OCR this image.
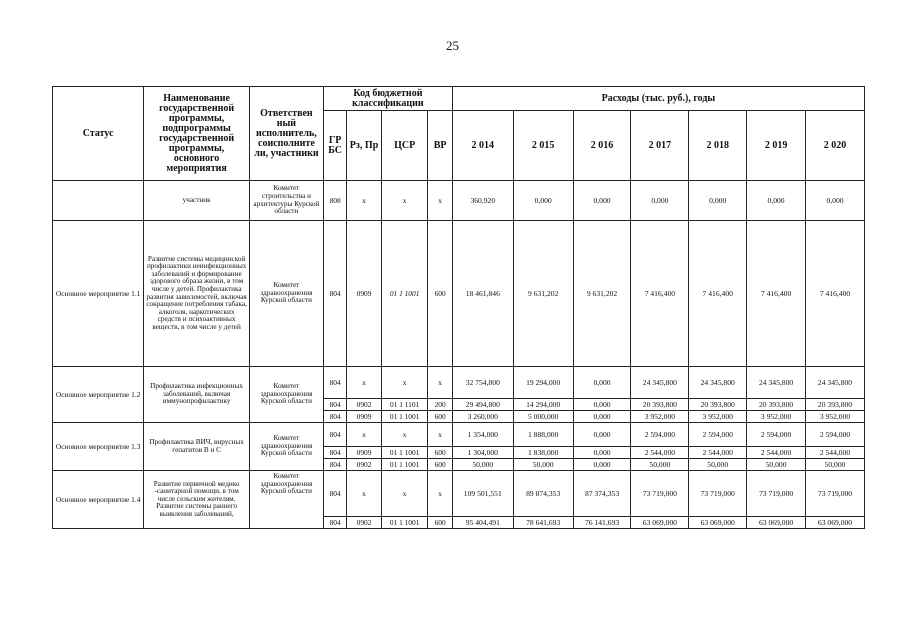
25
Статус	Наименование государственной программы, подпрограммы государственной программы, основного мероприятия	Ответствен ный исполнитель, соисполните ли, участники	Код бюджетной классификации				Расходы (тыс. руб.), годы						
			ГР БС	Рз, Пр	ЦСР	ВР	2 014	2 015	2 016	2 017	2 018	2 019	2 020
	участник	Комитет строительства и архитектуры Курской области	808	х	х	х	360,920	0,000	0,000	0,000	0,000	0,000	0,000
Основное мероприятие 1.1	Развитие системы медицинской профилактики неинфекционных заболеваний и формирование здорового образа жизни, в том числе у детей. Профилактика развития зависимостей, включая сокращение потребления табака, алкоголя, наркотических средств и психоактивных веществ, в том числе у детей	Комитет здравоохранения Курской области	804	0909	01 1 1001	600	18 461,846	9 631,202	9 631,202	7 416,400	7 416,400	7 416,400	7 416,400
Основное мероприятие 1.2	Профилактика инфекционных заболеваний, включая иммунопрофилактику	Комитет здравоохранения Курской области	804	х	х	х	32 754,800	19 294,000	0,000	24 345,800	24 345,800	24 345,800	24 345,800
			804	0902	01 1 1101	200	29 494,800	14 294,000	0,000	20 393,800	20 393,800	20 393,800	20 393,800
			804	0909	01 1 1001	600	3 260,000	5 000,000	0,000	3 952,000	3 952,000	3 952,000	3 952,000
Основное мероприятие 1.3	Профилактика ВИЧ, вирусных гепатитов В и С	Комитет здравоохранения Курской области	804	х	х	х	1 354,000	1 888,000	0,000	2 594,000	2 594,000	2 594,000	2 594,000
			804	0909	01 1 1001	600	1 304,000	1 838,000	0,000	2 544,000	2 544,000	2 544,000	2 544,000
			804	0902	01 1 1001	600	50,000	50,000	0,000	50,000	50,000	50,000	50,000
Основное мероприятие 1.4	Развитие первичной медико -санитарной помощи, в том числе сельским жителям. Развитие системы раннего выявления заболеваний,	Комитет здравоохранения Курской области	804	х	х	х	109 501,551	89 874,353	87 374,353	73 719,000	73 719,000	73 719,000	73 719,000
			804	0902	01 1 1001	600	95 404,491	78 641,693	76 141,693	63 069,000	63 069,000	63 069,000	63 069,000
